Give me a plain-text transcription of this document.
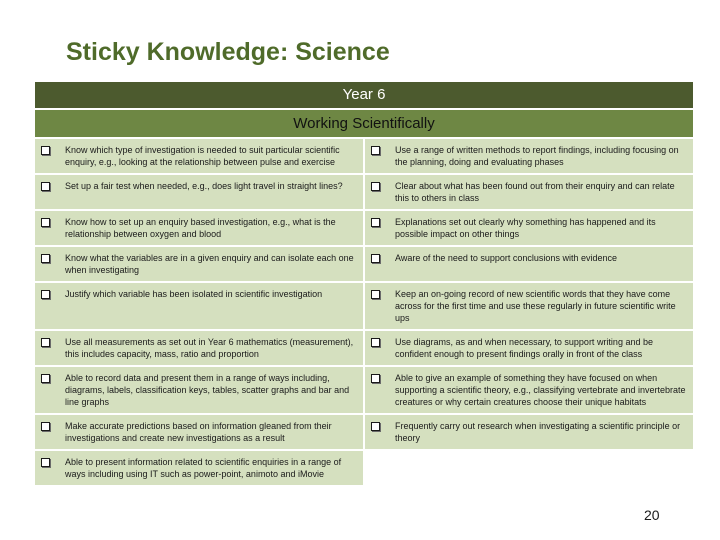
Sticky Knowledge: Science
Year 6	
Working Scientifically	

Know which type of investigation is needed to suit particular scientific enquiry, e.g., looking at the relationship between pulse and exercise	Use a range of written methods to report findings, including focusing on the planning, doing and evaluating phases

Set up a fair test when needed, e.g., does light travel in straight lines?	Clear about what has been found out from their enquiry and can relate this to others in class

Know how to set up an enquiry based investigation, e.g., what is the relationship between oxygen and blood	Explanations set out clearly why something has happened and its possible impact on other things

Know what the variables are in a given enquiry and can isolate each one when investigating	Aware of the need to support conclusions with evidence

Justify which variable has been isolated in scientific investigation	Keep an on-going record of new scientific words that they have come across for the first time and use these regularly in future scientific write ups

Use all measurements as set out in Year 6 mathematics (measurement), this includes capacity, mass, ratio and proportion	Use diagrams, as and when necessary, to support writing and be confident enough to present findings orally in front of the class

Able to record data and present them in a range of ways including, diagrams, labels, classification keys, tables, scatter graphs and bar and line graphs	Able to give an example of something they have focused on when supporting a scientific theory, e.g., classifying vertebrate and invertebrate creatures or why certain creatures choose their unique habitats

Make accurate predictions based on information gleaned from their investigations and create new investigations as a result	Frequently carry out research when investigating a scientific principle or theory

Able to present information related to scientific enquiries in a range of ways including using IT such as power-point, animoto and iMovie	

20
